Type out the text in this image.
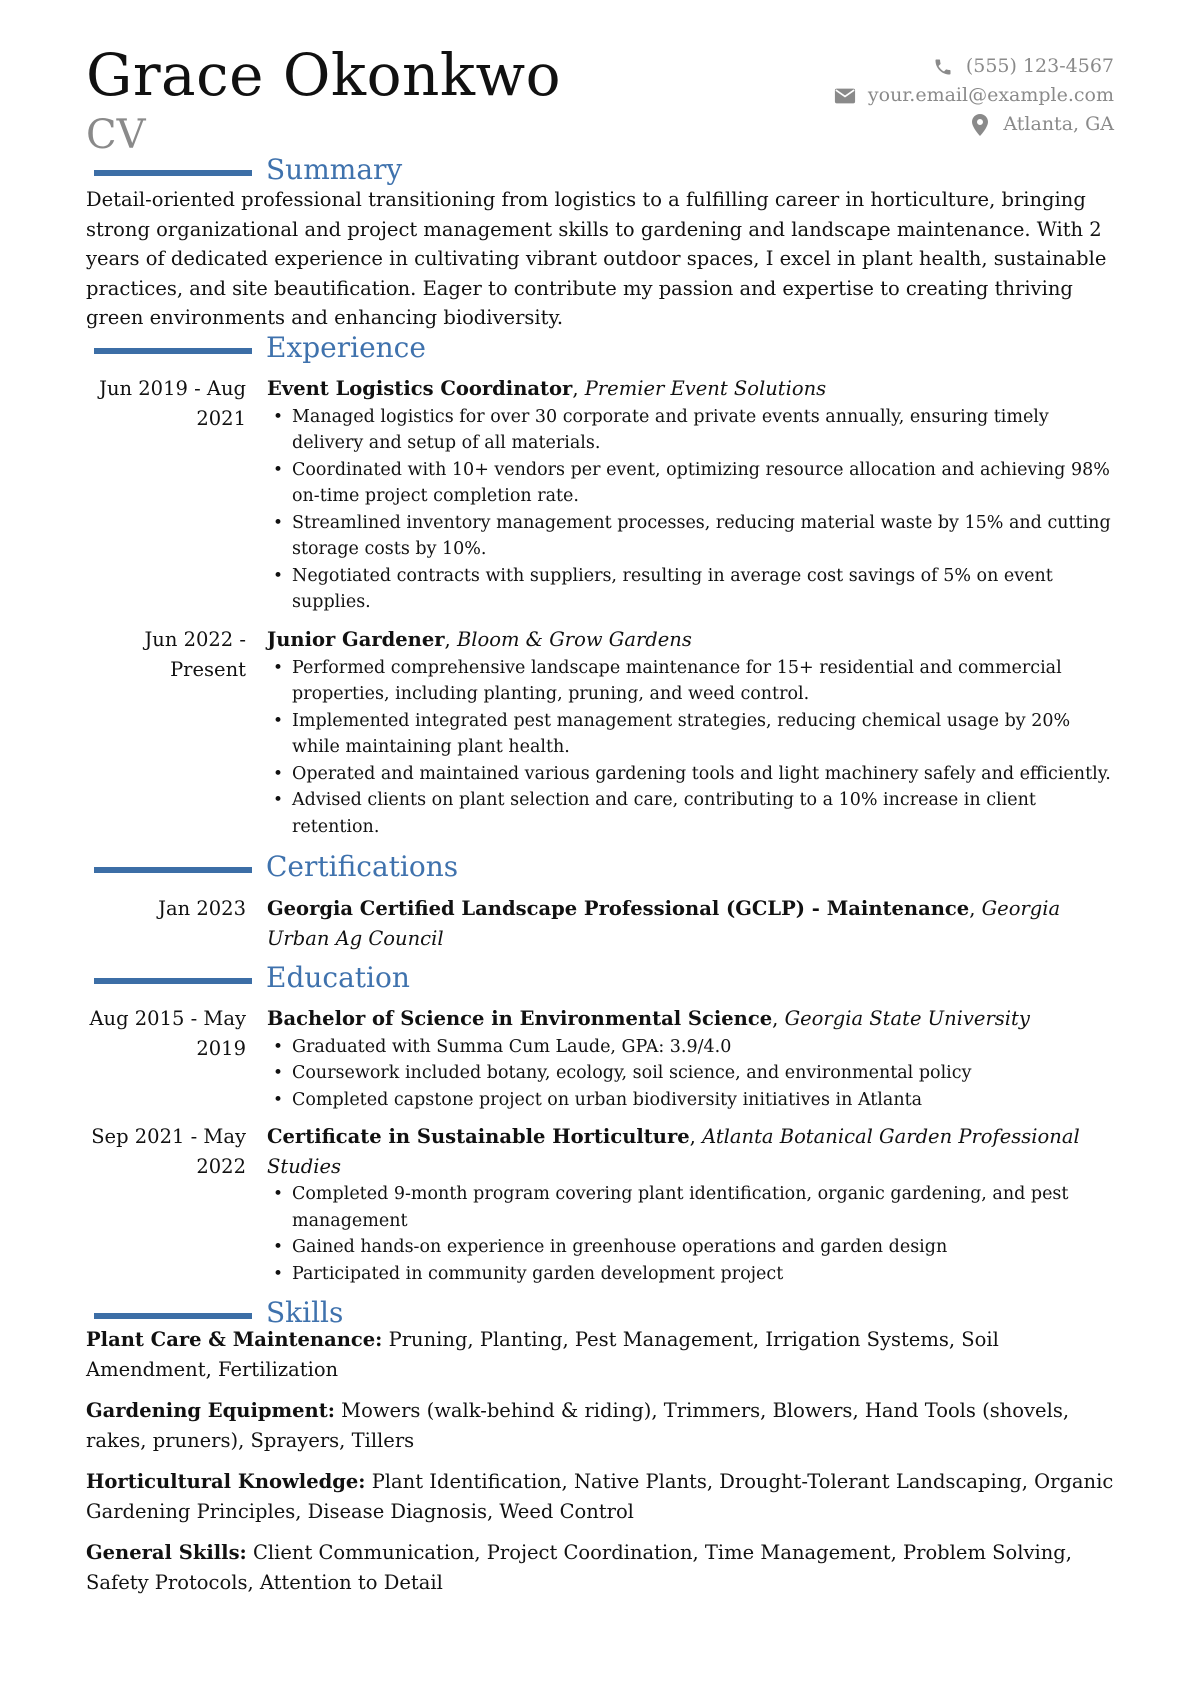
Grace Okonkwo
CV
(555) 123-4567
your.email@example.com
Atlanta, GA
Summary
Detail-oriented professional transitioning from logistics to a fulfilling career in horticulture, bringing strong organizational and project management skills to gardening and landscape maintenance. With 2 years of dedicated experience in cultivating vibrant outdoor spaces, I excel in plant health, sustainable practices, and site beautification. Eager to contribute my passion and expertise to creating thriving green environments and enhancing biodiversity.
Experience
Jun 2019 - Aug 2021
Event Logistics Coordinator, Premier Event Solutions
• Managed logistics for over 30 corporate and private events annually, ensuring timely delivery and setup of all materials.
• Coordinated with 10+ vendors per event, optimizing resource allocation and achieving 98% on-time project completion rate.
• Streamlined inventory management processes, reducing material waste by 15% and cutting storage costs by 10%.
• Negotiated contracts with suppliers, resulting in average cost savings of 5% on event supplies.
Jun 2022 - Present
Junior Gardener, Bloom & Grow Gardens
• Performed comprehensive landscape maintenance for 15+ residential and commercial properties, including planting, pruning, and weed control.
• Implemented integrated pest management strategies, reducing chemical usage by 20% while maintaining plant health.
• Operated and maintained various gardening tools and light machinery safely and efficiently.
• Advised clients on plant selection and care, contributing to a 10% increase in client retention.
Certifications
Jan 2023 Georgia Certified Landscape Professional (GCLP) - Maintenance, Georgia Urban Ag Council
Education
Aug 2015 - May 2019
Bachelor of Science in Environmental Science, Georgia State University
• Graduated with Summa Cum Laude, GPA: 3.9/4.0
• Coursework included botany, ecology, soil science, and environmental policy
• Completed capstone project on urban biodiversity initiatives in Atlanta
Sep 2021 - May 2022
Certificate in Sustainable Horticulture, Atlanta Botanical Garden Professional Studies
• Completed 9-month program covering plant identification, organic gardening, and pest management
• Gained hands-on experience in greenhouse operations and garden design
• Participated in community garden development project
Skills
Plant Care & Maintenance: Pruning, Planting, Pest Management, Irrigation Systems, Soil Amendment, Fertilization
Gardening Equipment: Mowers (walk-behind & riding), Trimmers, Blowers, Hand Tools (shovels, rakes, pruners), Sprayers, Tillers
Horticultural Knowledge: Plant Identification, Native Plants, Drought-Tolerant Landscaping, Organic Gardening Principles, Disease Diagnosis, Weed Control
General Skills: Client Communication, Project Coordination, Time Management, Problem Solving, Safety Protocols, Attention to Detail
